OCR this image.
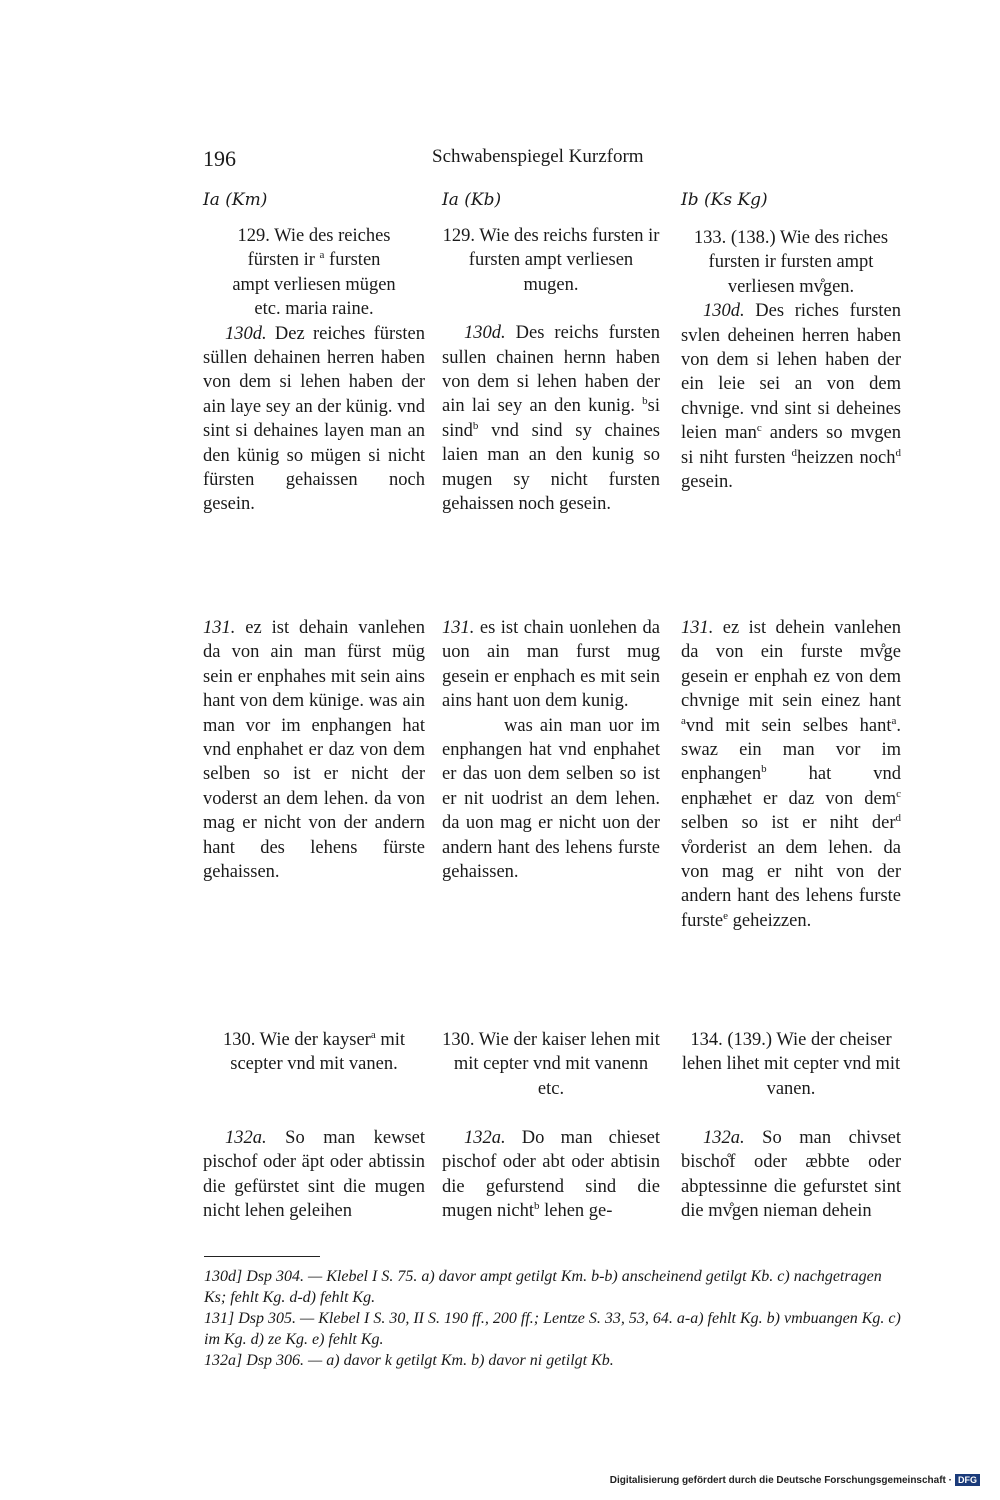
196	Schwabenspiegel Kurzform
Ia (Km)

129. Wie des reiches
fürsten ir $^a$ fursten
ampt verliesen mügen
etc. maria raine.

130d. Dez reiches fürsten süllen dehainen herren haben von dem si lehen haben der ain laye sey an der künig. vnd sint si dehaines layen man an den künig so mügen si nicht fürsten gehaissen noch gesein.

131. ez ist dehain vanlehen da von ain man fürst müg sein er enphahes mit sein ains hant von dem künige. was ain man vor im enphangen hat vnd enphahet er daz von dem selben so ist er nicht der voderst an dem lehen. da von mag er nicht von der andern hant des lehens fürste gehaissen.

130. Wie der kayser$^a$ mit scepter vnd mit vanen.

132a. So man kewset pischof oder äpt oder abtissin die gefürstet sint die mugen nicht lehen geleihen

Ia (Kb)

129. Wie des reichs fursten ir fursten ampt verliesen mugen.

130d. Des reichs fursten sullen chainen hernn haben von dem si lehen haben der ain lai sey an den kunig. $^b$si sind$^b$ vnd sind sy chaines laien man an den kunig so mugen sy nicht fursten gehaissen noch gesein.

131. es ist chain uonlehen da uon ain man furst mug gesein er enphach es mit sein ains hant uon dem kunig.

was ain man uor im enphangen hat vnd enphahet er das uon dem selben so ist er nit uodrist an dem lehen. da uon mag er nicht uon der andern hant des lehens furste gehaissen.

130. Wie der kaiser lehen mit mit cepter vnd mit vanenn etc.

132a. Do man chieset pischof oder abt oder abtisin die gefurstend sind die mugen nicht$^b$ lehen ge-

Ib (Ks Kg)

133. (138.) Wie des riches fursten ir fursten ampt verliesen mv̊gen.

130d. Des riches fursten svlen deheinen herren haben von dem si lehen haben der ein leie sei an von dem chvnige. vnd sint si deheines leien man$^c$ anders so mvgen si niht fursten $^d$heizzen noch$^d$ gesein.

131. ez ist dehein vanlehen da von ein furste mv̊ge gesein er enphah ez von dem chvnige mit sein einez hant $^a$vnd mit sein selbes hant$^a$. swaz ein man vor im enphangen$^b$ hat vnd enphæhet er daz von dem$^c$ selben so ist er niht der$^d$ v̊orderist an dem lehen. da von mag er niht von der andern hant des lehens furste furste$^e$ geheizzen.

134. (139.) Wie der cheiser lehen lihet mit cepter vnd mit vanen.

132a. So man chivset bischo̊f oder æbbte oder abptessinne die gefurstet sint die mv̊gen nieman dehein

130d] Dsp 304. — Klebel I S. 75. a) davor ampt getilgt Km. b-b) anscheinend getilgt Kb. c) nachgetragen Ks; fehlt Kg. d-d) fehlt Kg.
131] Dsp 305. — Klebel I S. 30, II S. 190 ff., 200 ff.; Lentze S. 33, 53, 64. a-a) fehlt Kg. b) vmbuangen Kg. c) im Kg. d) ze Kg. e) fehlt Kg.
132a] Dsp 306. — a) davor k getilgt Km. b) davor ni getilgt Kb.
Digitalisierung gefördert durch die Deutsche Forschungsgemeinschaft · DFG
